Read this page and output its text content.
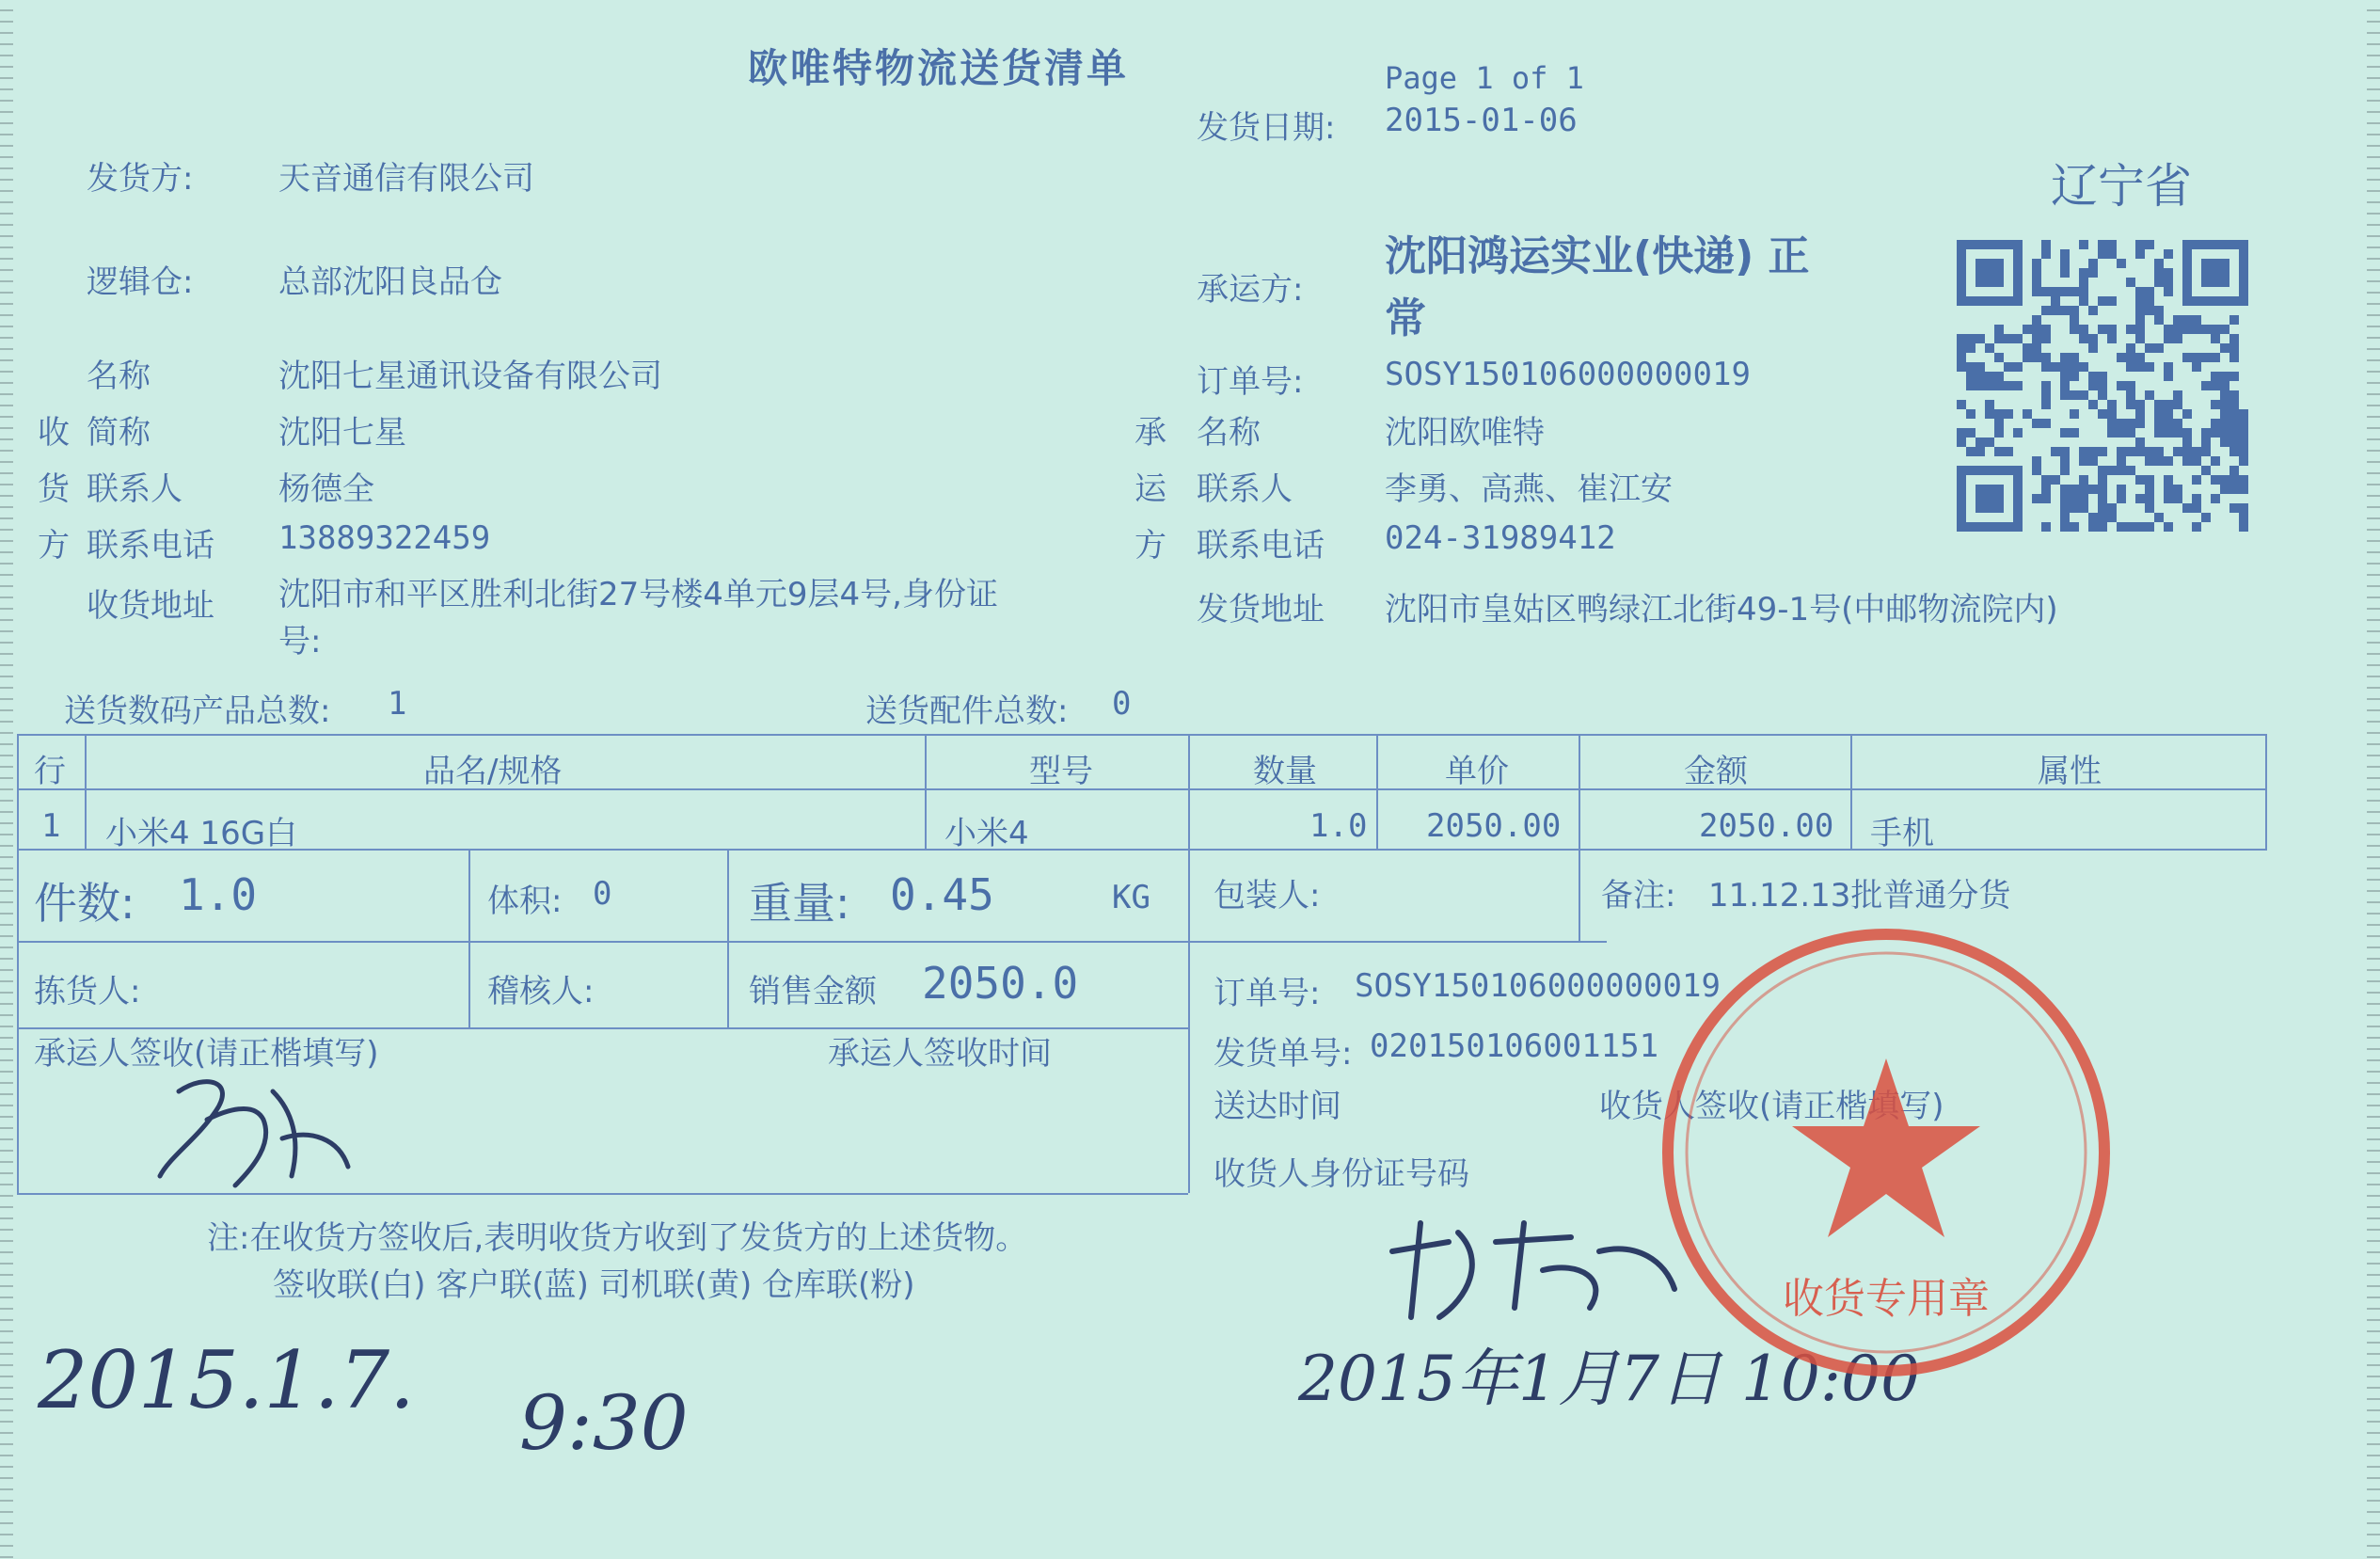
欧唯特物流送货清单	Page 1 of 1
发货日期: 2015-01-06
辽宁省
发货方:	天音通信有限公司
逻辑仓:	总部沈阳良品仓	承运方:
沈阳鸿运实业(快递) 正
常
订单号:	SOSY150106000000019
名称	沈阳七星通讯设备有限公司
收 简称	沈阳七星
货 联系人	杨德全
方 联系电话 13889322459
收货地址 沈阳市和平区胜利北街27号楼4单元9层4号,身份证
号:
承 名称	沈阳欧唯特
运 联系人	李勇、高燕、崔江安
方 联系电话 024-31989412
发货地址 沈阳市皇姑区鸭绿江北街49-1号(中邮物流院内)
送货数码产品总数: 1	送货配件总数: 0
行	品名/规格	型号	数量	单价	金额	属性
1 小米4 16G白	小米4	1.0 2050.00	2050.00 手机
件数: 1.0	体积: 0	重量: 0.45	KG 包装人:	备注: 11.12.13批普通分货
拣货人:	稽核人:	销售金额 2050.0	订单号: SOSY150106000000019
承运人签收(请正楷填写)	承运人签收时间	发货单号: 020150106001151
送达时间	收货人签收(请正楷填写)
收货人身份证号码
注:在收货方签收后,表明收货方收到了发货方的上述货物。
签收联(白) 客户联(蓝) 司机联(黄) 仓库联(粉)
2015.1.7. 9:30
2015年1月7日 10:00
收货专用章
